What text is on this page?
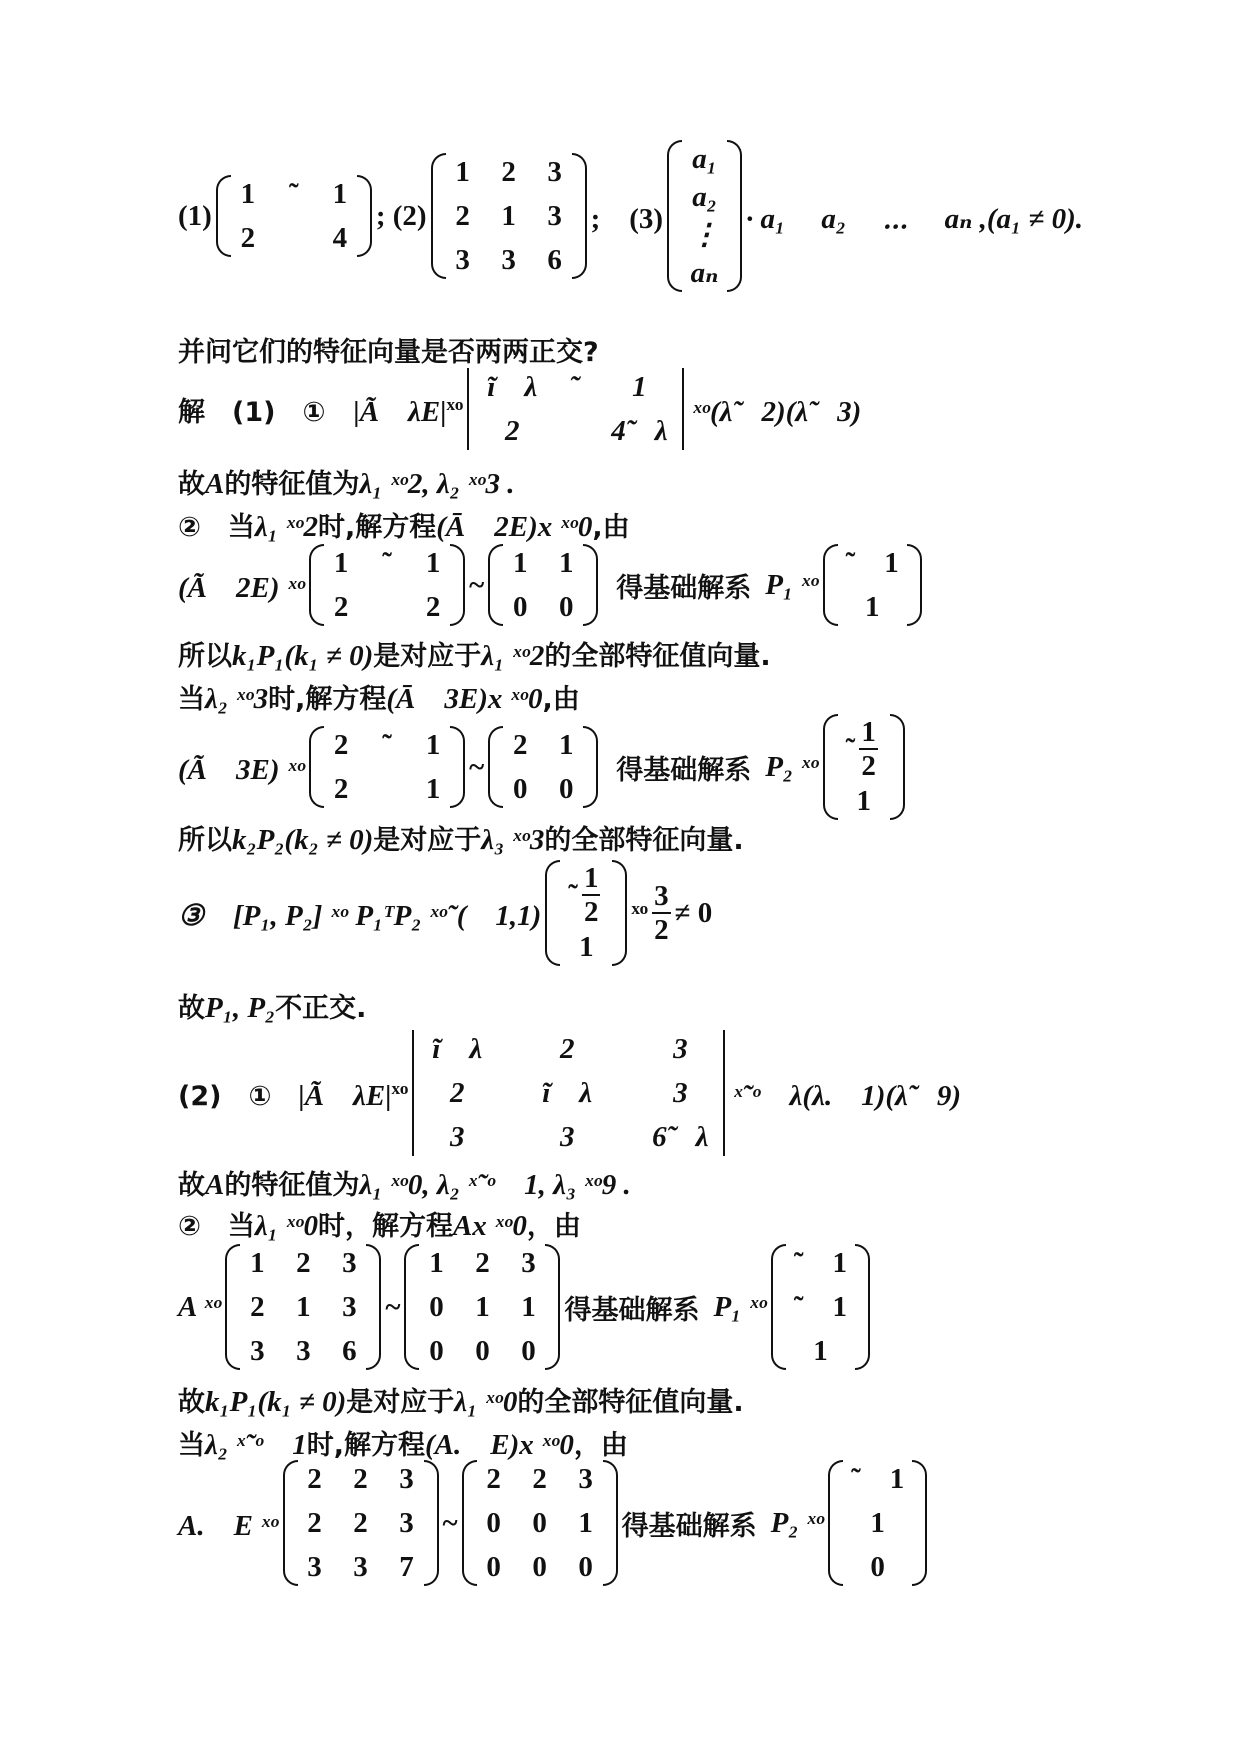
(1)
1 ˜ 1
2	4
; (2)
1 2 3
2 1 3
3 3 6
;　(3)
a₁
a₂
⋮
aₙ
· a₁　 a₂　 ⋯　 aₙ ,(a₁ ≠ 0).
并问它们的特征向量是否两两正交?
解　(1)　① |Ã　λE| ˣᵒ
ĩ　λ ˜	1
2	4̃　λ
ˣᵒ(λ̃　2)(λ̃　3)
故A的特征值为λ₁ ˣᵒ2, λ₂ ˣᵒ3 .
②　当λ₁ ˣᵒ2时,解方程(Ā　2E)x ˣᵒ0,由
(Ã　2E) ˣᵒ
1 ˜ 1
2	2
~
1 1
0 0
得基础解系 P₁ ˣᵒ
˜　1
1
所以k₁P₁(k₁ ≠ 0)是对应于λ₁ ˣᵒ2的全部特征值向量.
当λ₂ ˣᵒ3时,解方程(Ā　3E)x ˣᵒ0,由
(Ã　3E) ˣᵒ
2 ˜ 1
2	1
~
2 1
0 0
得基础解系 P₂ ˣᵒ
˜ $\frac{1}{2}$
1
所以k₂P₂(k₂ ≠ 0)是对应于λ₃ ˣᵒ3的全部特征向量.
③　[P₁, P₂] ˣᵒ P₁ᵀP₂ ˣᵒ˜(　1,1)
˜ $\frac{1}{2}$
1
ˣᵒ $\frac{3}{2} \ne 0$
故P₁, P₂不正交.
(2)　①　 |Ã　λE| ˣᵒ
ĩ　λ	2	3
2	ĩ　λ	3
3	3	6̃　λ
ˣ˜ᵒ　λ(λ.　1)(λ̃　9)
故A的特征值为λ₁ ˣᵒ0, λ₂ ˣ˜ᵒ　1, λ₃ ˣᵒ9 .
②　当λ₁ ˣᵒ0时，解方程Ax ˣᵒ0，由
A ˣᵒ
1 2 3
2 1 3
3 3 6
~
1 2 3
0 1 1
0 0 0
得基础解系 P₁ ˣᵒ
˜　1
˜　1
1
故k₁P₁(k₁ ≠ 0)是对应于λ₁ ˣᵒ0的全部特征值向量.
当λ₂ ˣ˜ᵒ　1时,解方程(A.　E)x ˣᵒ0，由
A.　E ˣᵒ
2 2 3
2 2 3
3 3 7
~
2 2 3
0 0 1
0 0 0
得基础解系 P₂ ˣᵒ
˜　1
1
0
